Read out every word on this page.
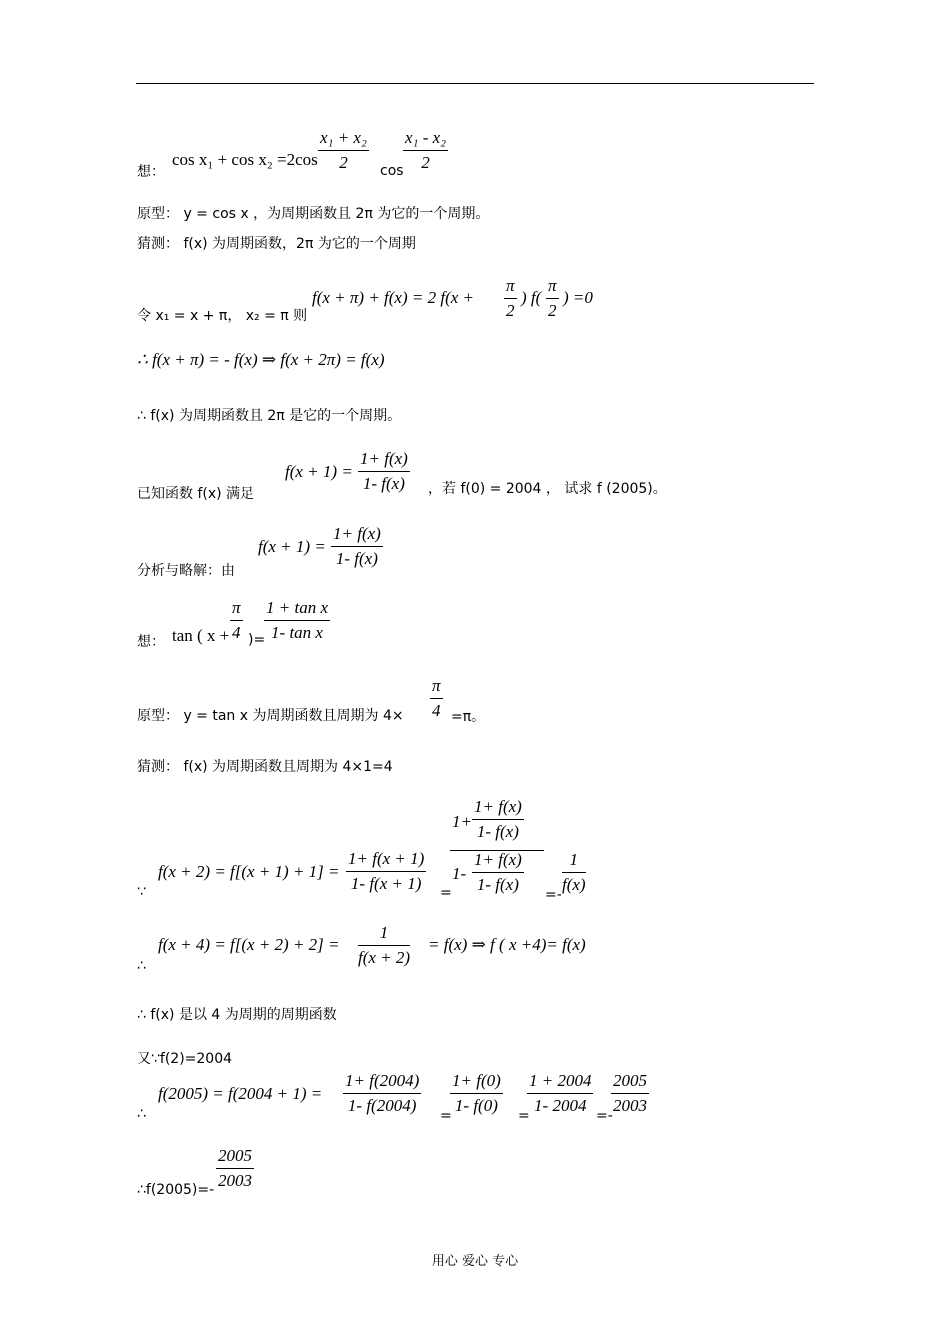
想：
cos x₁ + cos x₂ =2cos
x₁ + x₂
2	cos
x₁ - x₂
2
原型： y = cos x ，为周期函数且 2π 为它的一个周期。
猜测： f(x) 为周期函数，2π 为它的一个周期
令 x₁ = x + π， x₂ = π 则
f(x + π) + f(x) = 2 f(x +
π
2
) f(
π
2
) =0
∴ f(x + π) = - f(x) ⇒ f(x + 2π) = f(x)
∴ f(x) 为周期函数且 2π 是它的一个周期。
已知函数 f(x) 满足
f(x + 1) =
1+ f(x)
1- f(x)	，若 f(0) = 2004 ， 试求 f (2005)。
分析与略解：由
f(x + 1) =
1+ f(x)
1- f(x)
想： tan ( x +
π
4 )=
1 + tan x
1- tan x
原型： y = tan x 为周期函数且周期为 4×
π
4 =π。
猜测： f(x) 为周期函数且周期为 4×1=4
∵
f(x + 2) = f[(x + 1) + 1] =
1+ f(x + 1)
1- f(x + 1)	=
1+
1+ f(x)
1- f(x)
1-
1+ f(x)
1- f(x)
=-
1
f(x)
∴
f(x + 4) = f[(x + 2) + 2] =
1
f(x + 2)
= f(x) ⇒ f ( x +4)= f(x)
∴ f(x) 是以 4 为周期的周期函数
又∵f(2)=2004
∴
f(2005) = f(2004 + 1) =
1+ f(2004)
1- f(2004)
=
1+ f(0)
1- f(0)
=
1 + 2004
1- 2004
=-
2005
2003
∴f(2005)=-
2005
2003
用心 爱心 专心
